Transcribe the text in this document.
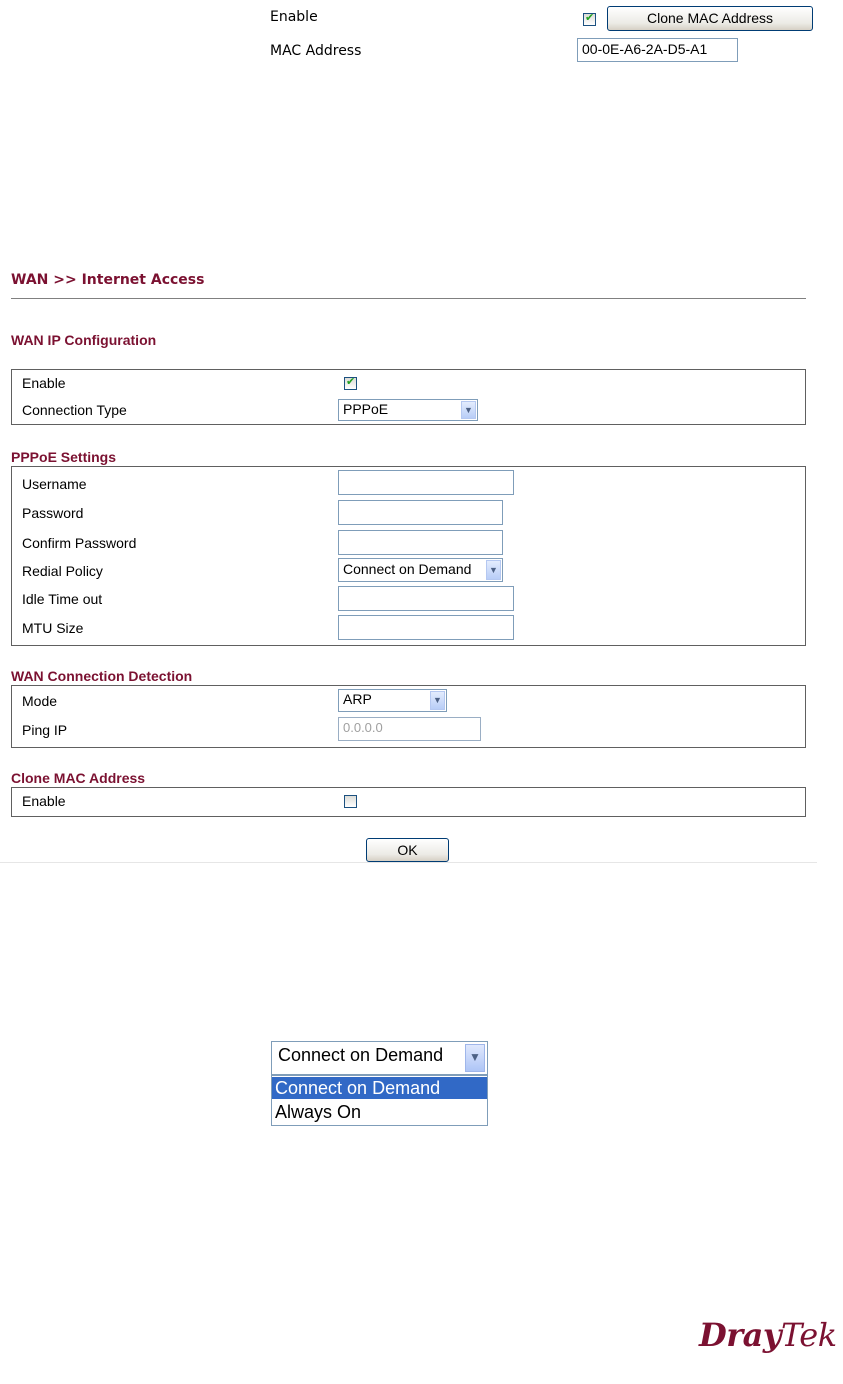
Enable	✔	Clone MAC Address
MAC Address	00-0E-A6-2A-D5-A1
WAN >> Internet Access
WAN IP Configuration
Enable	✔
Connection Type	PPPoE	▼
PPPoE Settings
Username
Password
Confirm Password
Redial Policy	Connect on Demand	▼
Idle Time out
MTU Size
WAN Connection Detection
Mode	ARP	▼
Ping IP	0.0.0.0
Clone MAC Address
Enable
OK
Connect on Demand	▼
Connect on Demand
Always On
DrayTek
